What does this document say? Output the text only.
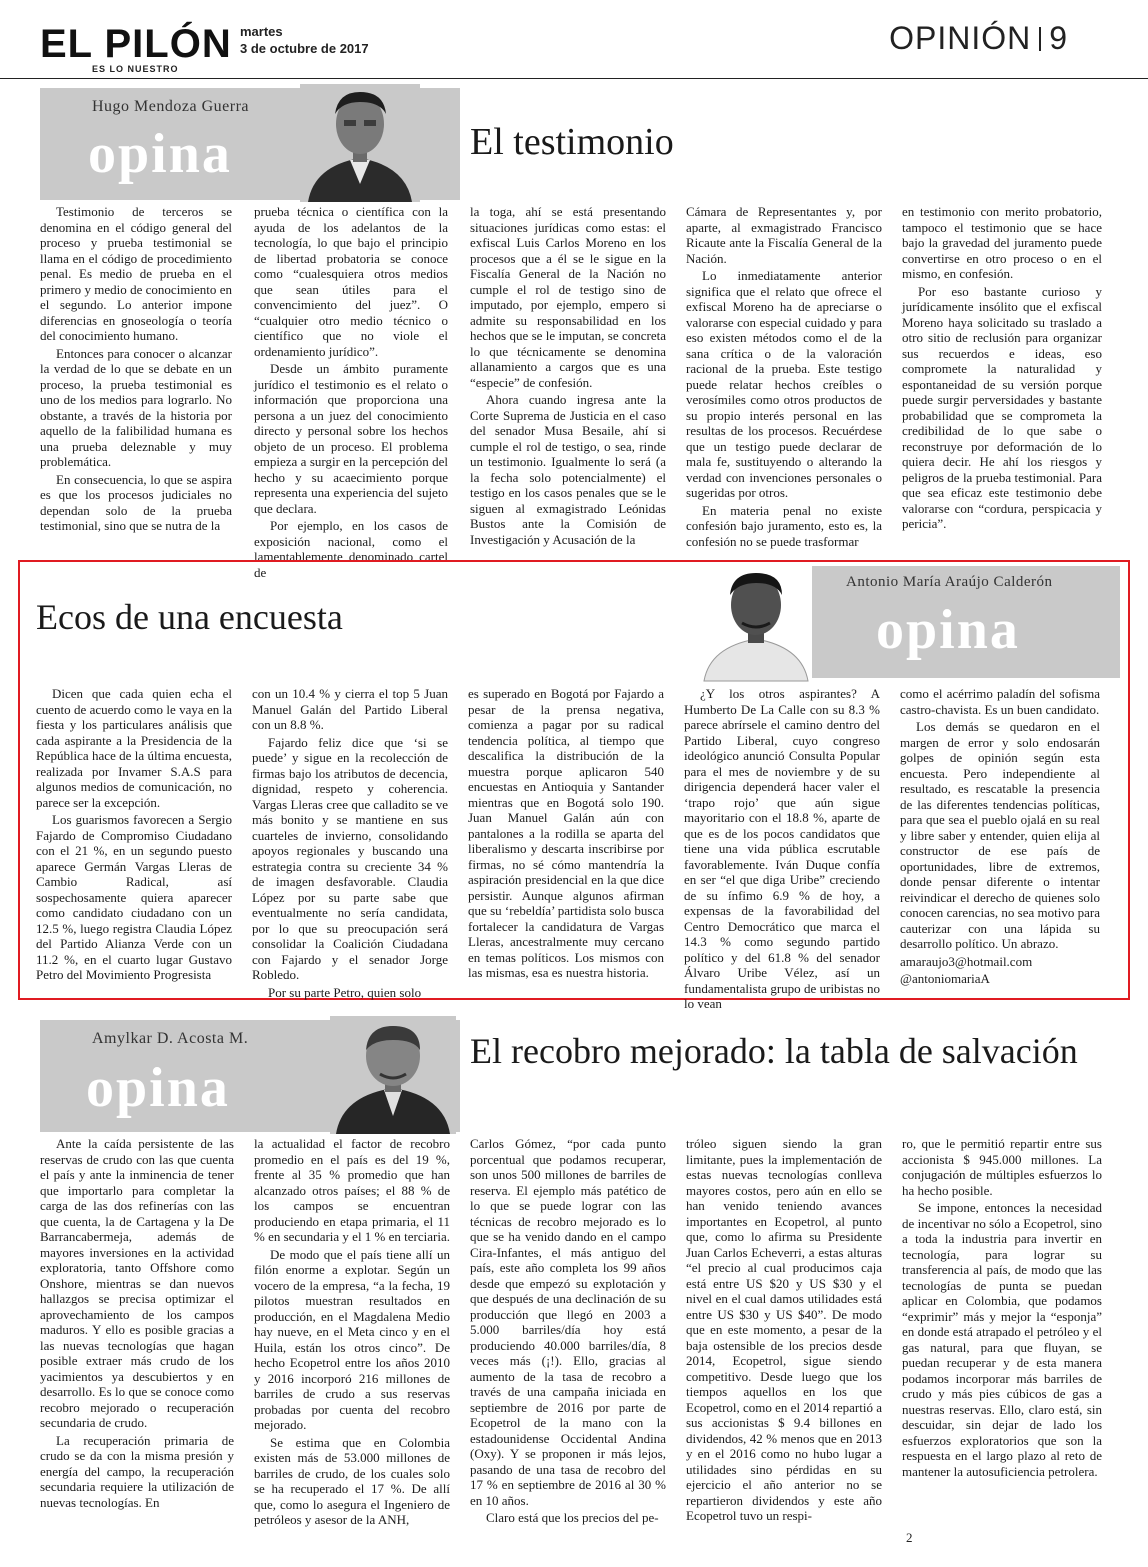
EL PILÓN
ES LO NUESTRO
martes
3 de octubre de 2017	OPINIÓN 9
Hugo Mendoza Guerra
opina	El testimonio

Testimonio de terceros se denomina en el código general del proceso y prueba testimonial se llama en el código de procedimiento penal. Es medio de prueba en el primero y medio de conocimiento en el segundo. Lo anterior impone diferencias en gnoseología o teoría del conocimiento humano.

Entonces para conocer o alcanzar la verdad de lo que se debate en un proceso, la prueba testimonial es uno de los medios para lograrlo. No obstante, a través de la historia por aquello de la falibilidad humana es una prueba deleznable y muy problemática.

En consecuencia, lo que se aspira es que los procesos judiciales no dependan solo de la prueba testimonial, sino que se nutra de la

prueba técnica o científica con la ayuda de los adelantos de la tecnología, lo que bajo el principio de libertad probatoria se conoce como “cualesquiera otros medios que sean útiles para el convencimiento del juez”. O “cualquier otro medio técnico o científico que no viole el ordenamiento jurídico”.

Desde un ámbito puramente jurídico el testimonio es el relato o información que proporciona una persona a un juez del conocimiento directo y personal sobre los hechos objeto de un proceso. El problema empieza a surgir en la percepción del hecho y su acaecimiento porque representa una experiencia del sujeto que declara.

Por ejemplo, en los casos de exposición nacional, como el lamentablemente denominado cartel de

la toga, ahí se está presentando situaciones jurídicas como estas: el exfiscal Luis Carlos Moreno en los procesos que a él se le sigue en la Fiscalía General de la Nación no cumple el rol de testigo sino de imputado, por ejemplo, empero si admite su responsabilidad en los hechos que se le imputan, se concreta lo que técnicamente se denomina allanamiento a cargos que es una “especie” de confesión.

Ahora cuando ingresa ante la Corte Suprema de Justicia en el caso del senador Musa Besaile, ahí si cumple el rol de testigo, o sea, rinde un testimonio. Igualmente lo será (a la fecha solo potencialmente) el testigo en los casos penales que se le siguen al exmagistrado Leónidas Bustos ante la Comisión de Investigación y Acusación de la

Cámara de Representantes y, por aparte, al exmagistrado Francisco Ricaute ante la Fiscalía General de la Nación.

Lo inmediatamente anterior significa que el relato que ofrece el exfiscal Moreno ha de apreciarse o valorarse con especial cuidado y para eso existen métodos como el de la sana crítica o de la valoración racional de la prueba. Este testigo puede relatar hechos creíbles o verosímiles como otros productos de su propio interés personal en las resultas de los procesos. Recuérdese que un testigo puede declarar de mala fe, sustituyendo o alterando la verdad con invenciones personales o sugeridas por otros.

En materia penal no existe confesión bajo juramento, esto es, la confesión no se puede trasformar

en testimonio con merito probatorio, tampoco el testimonio que se hace bajo la gravedad del juramento puede convertirse en otro proceso o en el mismo, en confesión.

Por eso bastante curioso y jurídicamente insólito que el exfiscal Moreno haya solicitado su traslado a otro sitio de reclusión para organizar sus recuerdos e ideas, eso compromete la naturalidad y espontaneidad de su versión porque puede surgir perversidades y bastante probabilidad que se comprometa la credibilidad de lo que sabe o reconstruye por deformación de lo quiera decir. He ahí los riesgos y peligros de la prueba testimonial. Para que sea eficaz este testimonio debe valorarse con “cordura, perspicacia y pericia”.

Antonio María Araújo Calderón
opina
Ecos de una encuesta

Dicen que cada quien echa el cuento de acuerdo como le vaya en la fiesta y los particulares análisis que cada aspirante a la Presidencia de la República hace de la última encuesta, realizada por Invamer S.A.S para algunos medios de comunicación, no parece ser la excepción.

Los guarismos favorecen a Sergio Fajardo de Compromiso Ciudadano con el 21 %, en un segundo puesto aparece Germán Vargas Lleras de Cambio Radical, así sospechosamente quiera aparecer como candidato ciudadano con un 12.5 %, luego registra Claudia López del Partido Alianza Verde con un 11.2 %, en el cuarto lugar Gustavo Petro del Movimiento Progresista

con un 10.4 % y cierra el top 5 Juan Manuel Galán del Partido Liberal con un 8.8 %.

Fajardo feliz dice que ‘si se puede’ y sigue en la recolección de firmas bajo los atributos de decencia, dignidad, respeto y coherencia. Vargas Lleras cree que calladito se ve más bonito y se mantiene en sus cuarteles de invierno, consolidando apoyos regionales y buscando una estrategia contra su creciente 34 % de imagen desfavorable. Claudia López por su parte sabe que eventualmente no sería candidata, por lo que su preocupación será consolidar la Coalición Ciudadana con Fajardo y el senador Jorge Robledo.

Por su parte Petro, quien solo

es superado en Bogotá por Fajardo a pesar de la prensa negativa, comienza a pagar por su radical tendencia política, al tiempo que descalifica la distribución de la muestra porque aplicaron 540 encuestas en Antioquia y Santander mientras que en Bogotá solo 190. Juan Manuel Galán aún con pantalones a la rodilla se aparta del liberalismo y descarta inscribirse por firmas, no sé cómo mantendría la aspiración presidencial en la que dice persistir. Aunque algunos afirman que su ‘rebeldía’ partidista solo busca fortalecer la candidatura de Vargas Lleras, ancestralmente muy cercano en temas políticos. Los mismos con las mismas, esa es nuestra historia.

¿Y los otros aspirantes? A Humberto De La Calle con su 8.3 % parece abrírsele el camino dentro del Partido Liberal, cuyo congreso ideológico anunció Consulta Popular para el mes de noviembre y de su dirigencia dependerá hacer valer el ‘trapo rojo’ que aún sigue mayoritario con el 18.8 %, aparte de que es de los pocos candidatos que tiene una vida pública escrutable favorablemente. Iván Duque confía en ser “el que diga Uribe” creciendo de su ínfimo 6.9 % de hoy, a expensas de la favorabilidad del Centro Democrático que marca el 14.3 % como segundo partido político y del 61.8 % del senador Álvaro Uribe Vélez, así un fundamentalista grupo de uribistas no lo vean

como el acérrimo paladín del sofisma castro-chavista. Es un buen candidato.

Los demás se quedaron en el margen de error y solo endosarán golpes de opinión según esta encuesta. Pero independiente al resultado, es rescatable la presencia de las diferentes tendencias políticas, para que sea el pueblo ojalá en su real y libre saber y entender, quien elija al constructor de ese país de oportunidades, libre de extremos, donde pensar diferente o intentar reivindicar el derecho de quienes solo conocen carencias, no sea motivo para cauterizar con una lápida su desarrollo político. Un abrazo.

amaraujo3@hotmail.com

@antoniomariaA

Amylkar D. Acosta M.
opina
El recobro mejorado: la tabla de salvación

Ante la caída persistente de las reservas de crudo con las que cuenta el país y ante la inminencia de tener que importarlo para completar la carga de las dos refinerías con las que cuenta, la de Cartagena y la De Barrancabermeja, además de mayores inversiones en la actividad exploratoria, tanto Offshore como Onshore, mientras se dan nuevos hallazgos se precisa optimizar el aprovechamiento de los campos maduros. Y ello es posible gracias a las nuevas tecnologías que hagan posible extraer más crudo de los yacimientos ya descubiertos y en desarrollo. Es lo que se conoce como recobro mejorado o recuperación secundaria de crudo.

La recuperación primaria de crudo se da con la misma presión y energía del campo, la recuperación secundaria requiere la utilización de nuevas tecnologías. En

la actualidad el factor de recobro promedio en el país es del 19 %, frente al 35 % promedio que han alcanzado otros países; el 88 % de los campos se encuentran produciendo en etapa primaria, el 11 % en secundaria y el 1 % en terciaria.

De modo que el país tiene allí un filón enorme a explotar. Según un vocero de la empresa, “a la fecha, 19 pilotos muestran resultados en producción, en el Magdalena Medio hay nueve, en el Meta cinco y en el Huila, están los otros cinco”. De hecho Ecopetrol entre los años 2010 y 2016 incorporó 216 millones de barriles de crudo a sus reservas probadas por cuenta del recobro mejorado.

Se estima que en Colombia existen más de 53.000 millones de barriles de crudo, de los cuales solo se ha recuperado el 17 %. De allí que, como lo asegura el Ingeniero de petróleos y asesor de la ANH,

Carlos Gómez, “por cada punto porcentual que podamos recuperar, son unos 500 millones de barriles de reserva. El ejemplo más patético de lo que se puede lograr con las técnicas de recobro mejorado es lo que se ha venido dando en el campo Cira-Infantes, el más antiguo del país, este año completa los 99 años desde que empezó su explotación y que después de una declinación de su producción que llegó en 2003 a 5.000 barriles/día hoy está produciendo 40.000 barriles/día, 8 veces más (¡!). Ello, gracias al aumento de la tasa de recobro a través de una campaña iniciada en septiembre de 2016 por parte de Ecopetrol de la mano con la estadounidense Occidental Andina (Oxy). Y se proponen ir más lejos, pasando de una tasa de recobro del 17 % en septiembre de 2016 al 30 % en 10 años.

Claro está que los precios del pe-

tróleo siguen siendo la gran limitante, pues la implementación de estas nuevas tecnologías conlleva mayores costos, pero aún en ello se han venido teniendo avances importantes en Ecopetrol, al punto que, como lo afirma su Presidente Juan Carlos Echeverri, a estas alturas “el precio al cual producimos caja está entre US $20 y US $30 y el nivel en el cual damos utilidades está entre US $30 y US $40”. De modo que en este momento, a pesar de la baja ostensible de los precios desde 2014, Ecopetrol, sigue siendo competitivo. Desde luego que los tiempos aquellos en los que Ecopetrol, como en el 2014 repartió a sus accionistas $ 9.4 billones en dividendos, 42 % menos que en 2013 y en el 2016 como no hubo lugar a utilidades sino pérdidas en su ejercicio el año anterior no se repartieron dividendos y este año Ecopetrol tuvo un respi-

ro, que le permitió repartir entre sus accionista $ 945.000 millones. La conjugación de múltiples esfuerzos lo ha hecho posible.

Se impone, entonces la necesidad de incentivar no sólo a Ecopetrol, sino a toda la industria para invertir en tecnología, para lograr su transferencia al país, de modo que las tecnologías de punta se puedan aplicar en Colombia, que podamos “exprimir” más y mejor la “esponja” en donde está atrapado el petróleo y el gas natural, para que fluyan, se puedan recuperar y de esta manera podamos incorporar más barriles de crudo y más pies cúbicos de gas a nuestras reservas. Ello, claro está, sin descuidar, sin dejar de lado los esfuerzos exploratorios que son la respuesta en el largo plazo al reto de mantener la autosuficiencia petrolera.

2
